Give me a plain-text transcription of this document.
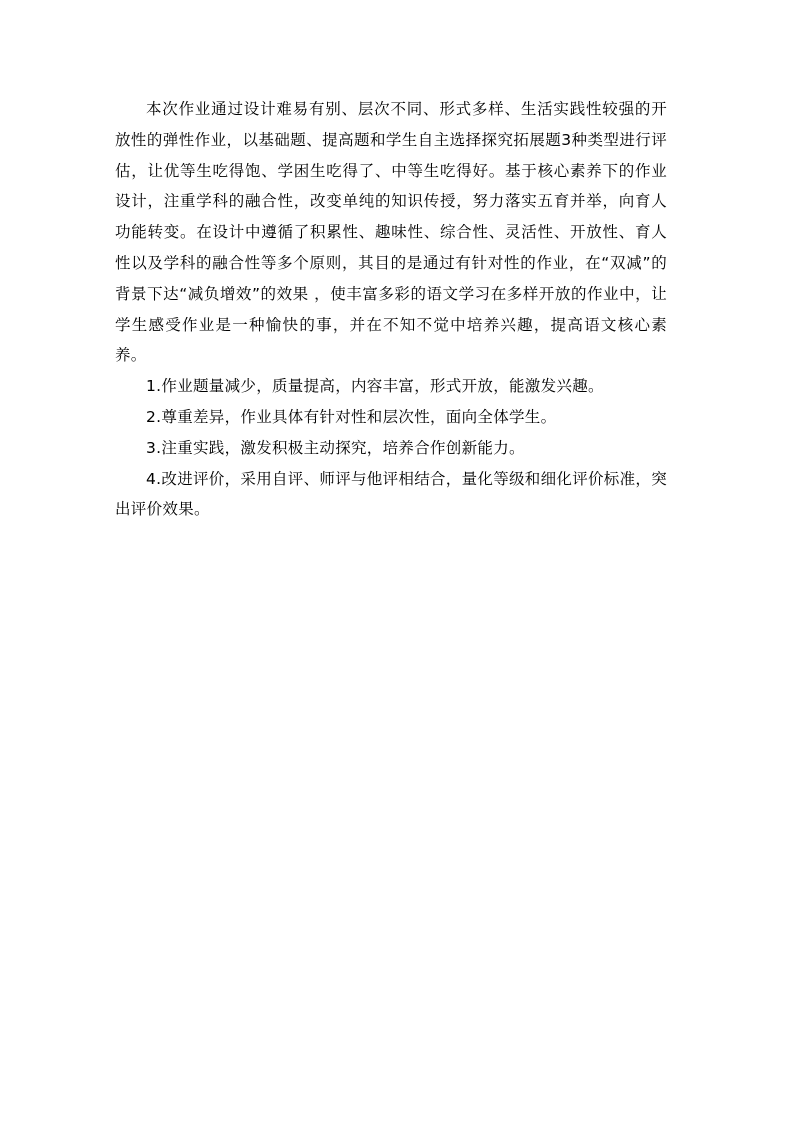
本次作业通过设计难易有别、层次不同、形式多样、生活实践性较强的开放性的弹性作业，以基础题、提高题和学生自主选择探究拓展题3种类型进行评估，让优等生吃得饱、学困生吃得了、中等生吃得好。基于核心素养下的作业设计，注重学科的融合性，改变单纯的知识传授，努力落实五育并举，向育人功能转变。在设计中遵循了积累性、趣味性、综合性、灵活性、开放性、育人性以及学科的融合性等多个原则，其目的是通过有针对性的作业，在“双减”的背景下达“减负增效”的效果 ，使丰富多彩的语文学习在多样开放的作业中，让学生感受作业是一种愉快的事，并在不知不觉中培养兴趣，提高语文核心素养。

1.作业题量减少，质量提高，内容丰富，形式开放，能激发兴趣。

2.尊重差异，作业具体有针对性和层次性，面向全体学生。

3.注重实践，激发积极主动探究，培养合作创新能力。

4.改进评价，采用自评、师评与他评相结合，量化等级和细化评价标准，突出评价效果。
